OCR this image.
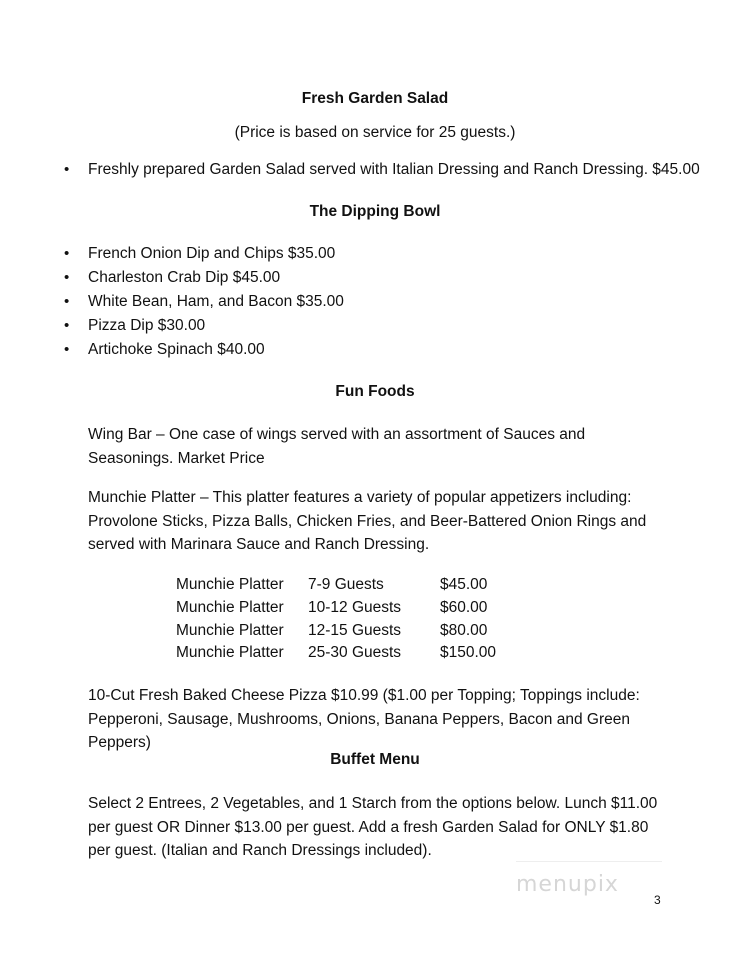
Fresh Garden Salad
(Price is based on service for 25 guests.)
• Freshly prepared Garden Salad served with Italian Dressing and Ranch Dressing. $45.00
The Dipping Bowl
• French Onion Dip and Chips $35.00
• Charleston Crab Dip $45.00
• White Bean, Ham, and Bacon $35.00
• Pizza Dip $30.00
• Artichoke Spinach $40.00
Fun Foods
Wing Bar – One case of wings served with an assortment of Sauces and Seasonings. Market Price
Munchie Platter – This platter features a variety of popular appetizers including: Provolone Sticks, Pizza Balls, Chicken Fries, and Beer-Battered Onion Rings and served with Marinara Sauce and Ranch Dressing.
Munchie Platter	7-9 Guests	$45.00
Munchie Platter	10-12 Guests	$60.00
Munchie Platter	12-15 Guests	$80.00
Munchie Platter	25-30 Guests	$150.00
10-Cut Fresh Baked Cheese Pizza $10.99 ($1.00 per Topping; Toppings include: Pepperoni, Sausage, Mushrooms, Onions, Banana Peppers, Bacon and Green Peppers)
Buffet Menu
Select 2 Entrees, 2 Vegetables, and 1 Starch from the options below. Lunch $11.00 per guest OR Dinner $13.00 per guest. Add a fresh Garden Salad for ONLY $1.80 per guest. (Italian and Ranch Dressings included).
menupix
3
